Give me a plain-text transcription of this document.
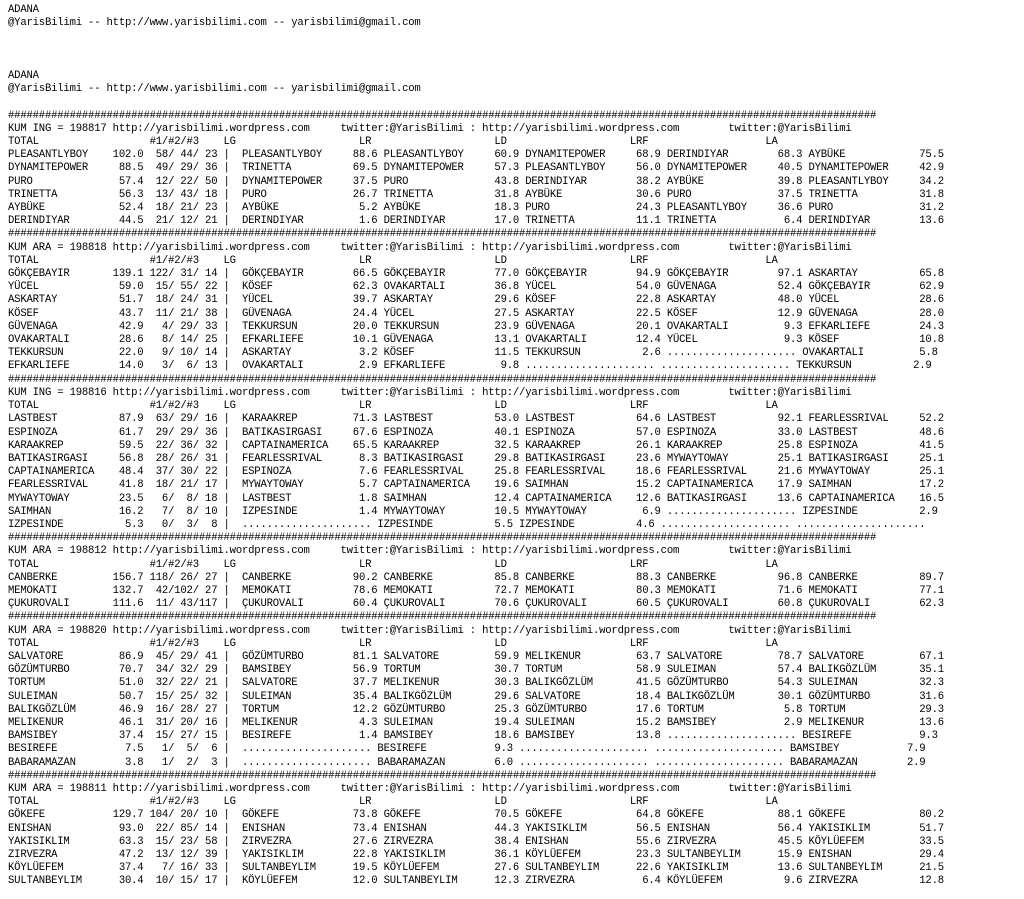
ADANA
@YarisBilimi -- http://www.yarisbilimi.com -- yarisbilimi@gmail.com

ADANA
@YarisBilimi -- http://www.yarisbilimi.com -- yarisbilimi@gmail.com

#############################################################################################################################################
KUM ING = 198817 http://yarisbilimi.wordpress.com     twitter:@YarisBilimi : http://yarisbilimi.wordpress.com        twitter:@YarisBilimi
TOTAL                  #1/#2/#3    LG                    LR                    LD                    LRF                   LA
PLEASANTLYBOY    102.0  58/ 44/ 23 |  PLEASANTLYBOY     88.6 PLEASANTLYBOY     60.9 DYNAMITEPOWER     68.9 DERINDIYAR        68.3 AYBÜKE            75.5
DYNAMITEPOWER     88.5  49/ 29/ 36 |  TRINETTA          69.5 DYNAMITEPOWER     57.3 PLEASANTLYBOY     56.0 DYNAMITEPOWER     40.5 DYNAMITEPOWER     42.9
PURO              57.4  12/ 22/ 50 |  DYNAMITEPOWER     37.5 PURO              43.8 DERINDIYAR        38.2 AYBÜKE            39.8 PLEASANTLYBOY     34.2
TRINETTA          56.3  13/ 43/ 18 |  PURO              26.7 TRINETTA          31.8 AYBÜKE            30.6 PURO              37.5 TRINETTA          31.8
AYBÜKE            52.4  18/ 21/ 23 |  AYBÜKE             5.2 AYBÜKE            18.3 PURO              24.3 PLEASANTLYBOY     36.6 PURO              31.2
DERINDIYAR        44.5  21/ 12/ 21 |  DERINDIYAR         1.6 DERINDIYAR        17.0 TRINETTA          11.1 TRINETTA           6.4 DERINDIYAR        13.6
#############################################################################################################################################
KUM ARA = 198818 http://yarisbilimi.wordpress.com     twitter:@YarisBilimi : http://yarisbilimi.wordpress.com        twitter:@YarisBilimi
TOTAL                  #1/#2/#3    LG                    LR                    LD                    LRF                   LA
GÖKÇEBAYIR       139.1 122/ 31/ 14 |  GÖKÇEBAYIR        66.5 GÖKÇEBAYIR        77.0 GÖKÇEBAYIR        94.9 GÖKÇEBAYIR        97.1 ASKARTAY          65.8
YÜCEL             59.0  15/ 55/ 22 |  KÖSEF             62.3 OVAKARTALI        36.8 YÜCEL             54.0 GÜVENAGA          52.4 GÖKÇEBAYIR        62.9
ASKARTAY          51.7  18/ 24/ 31 |  YÜCEL             39.7 ASKARTAY          29.6 KÖSEF             22.8 ASKARTAY          48.0 YÜCEL             28.6
KÖSEF             43.7  11/ 21/ 38 |  GÜVENAGA          24.4 YÜCEL             27.5 ASKARTAY          22.5 KÖSEF             12.9 GÜVENAGA          28.0
GÜVENAGA          42.9   4/ 29/ 33 |  TEKKURSUN         20.0 TEKKURSUN         23.9 GÜVENAGA          20.1 OVAKARTALI         9.3 EFKARLIEFE        24.3
OVAKARTALI        28.6   8/ 14/ 25 |  EFKARLIEFE        10.1 GÜVENAGA          13.1 OVAKARTALI        12.4 YÜCEL              9.3 KÖSEF             10.8
TEKKURSUN         22.0   9/ 10/ 14 |  ASKARTAY           3.2 KÖSEF             11.5 TEKKURSUN          2.6 ..................... OVAKARTALI         5.8
EFKARLIEFE        14.0   3/  6/ 13 |  OVAKARTALI         2.9 EFKARLIEFE         9.8 ..................... ..................... TEKKURSUN          2.9
#############################################################################################################################################
KUM ING = 198816 http://yarisbilimi.wordpress.com     twitter:@YarisBilimi : http://yarisbilimi.wordpress.com        twitter:@YarisBilimi
TOTAL                  #1/#2/#3    LG                    LR                    LD                    LRF                   LA
LASTBEST          87.9  63/ 29/ 16 |  KARAAKREP         71.3 LASTBEST          53.0 LASTBEST          64.6 LASTBEST          92.1 FEARLESSRIVAL     52.2
ESPINOZA          61.7  29/ 29/ 36 |  BATIKASIRGASI     67.6 ESPINOZA          40.1 ESPINOZA          57.0 ESPINOZA          33.0 LASTBEST          48.6
KARAAKREP         59.5  22/ 36/ 32 |  CAPTAINAMERICA    65.5 KARAAKREP         32.5 KARAAKREP         26.1 KARAAKREP         25.8 ESPINOZA          41.5
BATIKASIRGASI     56.8  28/ 26/ 31 |  FEARLESSRIVAL      8.3 BATIKASIRGASI     29.8 BATIKASIRGASI     23.6 MYWAYTOWAY        25.1 BATIKASIRGASI     25.1
CAPTAINAMERICA    48.4  37/ 30/ 22 |  ESPINOZA           7.6 FEARLESSRIVAL     25.8 FEARLESSRIVAL     18.6 FEARLESSRIVAL     21.6 MYWAYTOWAY        25.1
FEARLESSRIVAL     41.8  18/ 21/ 17 |  MYWAYTOWAY         5.7 CAPTAINAMERICA    19.6 SAIMHAN           15.2 CAPTAINAMERICA    17.9 SAIMHAN           17.2
MYWAYTOWAY        23.5   6/  8/ 18 |  LASTBEST           1.8 SAIMHAN           12.4 CAPTAINAMERICA    12.6 BATIKASIRGASI     13.6 CAPTAINAMERICA    16.5
SAIMHAN           16.2   7/  8/ 10 |  IZPESINDE          1.4 MYWAYTOWAY        10.5 MYWAYTOWAY         6.9 ..................... IZPESINDE          2.9
IZPESINDE          5.3   0/  3/  8 |  ..................... IZPESINDE          5.5 IZPESINDE          4.6 ..................... .....................
#############################################################################################################################################
KUM ARA = 198812 http://yarisbilimi.wordpress.com     twitter:@YarisBilimi : http://yarisbilimi.wordpress.com        twitter:@YarisBilimi
TOTAL                  #1/#2/#3    LG                    LR                    LD                    LRF                   LA
CANBERKE         156.7 118/ 26/ 27 |  CANBERKE          90.2 CANBERKE          85.8 CANBERKE          88.3 CANBERKE          96.8 CANBERKE          89.7
MEMOKATI         132.7  42/102/ 27 |  MEMOKATI          78.6 MEMOKATI          72.7 MEMOKATI          80.3 MEMOKATI          71.6 MEMOKATI          77.1
ÇUKUROVALI       111.6  11/ 43/117 |  ÇUKUROVALI        60.4 ÇUKUROVALI        70.6 ÇUKUROVALI        60.5 ÇUKUROVALI        60.8 ÇUKUROVALI        62.3
#############################################################################################################################################
KUM ARA = 198820 http://yarisbilimi.wordpress.com     twitter:@YarisBilimi : http://yarisbilimi.wordpress.com        twitter:@YarisBilimi
TOTAL                  #1/#2/#3    LG                    LR                    LD                    LRF                   LA
SALVATORE         86.9  45/ 29/ 41 |  GÖZÜMTURBO        81.1 SALVATORE         59.9 MELIKENUR         63.7 SALVATORE         78.7 SALVATORE         67.1
GÖZÜMTURBO        70.7  34/ 32/ 29 |  BAMSIBEY          56.9 TORTUM            30.7 TORTUM            58.9 SULEIMAN          57.4 BALIKGÖZLÜM       35.1
TORTUM            51.0  32/ 22/ 21 |  SALVATORE         37.7 MELIKENUR         30.3 BALIKGÖZLÜM       41.5 GÖZÜMTURBO        54.3 SULEIMAN          32.3
SULEIMAN          50.7  15/ 25/ 32 |  SULEIMAN          35.4 BALIKGÖZLÜM       29.6 SALVATORE         18.4 BALIKGÖZLÜM       30.1 GÖZÜMTURBO        31.6
BALIKGÖZLÜM       46.9  16/ 28/ 27 |  TORTUM            12.2 GÖZÜMTURBO        25.3 GÖZÜMTURBO        17.6 TORTUM             5.8 TORTUM            29.3
MELIKENUR         46.1  31/ 20/ 16 |  MELIKENUR          4.3 SULEIMAN          19.4 SULEIMAN          15.2 BAMSIBEY           2.9 MELIKENUR         13.6
BAMSIBEY          37.4  15/ 27/ 15 |  BESIREFE           1.4 BAMSIBEY          18.6 BAMSIBEY          13.8 ..................... BESIREFE           9.3
BESIREFE           7.5   1/  5/  6 |  ..................... BESIREFE           9.3 ..................... ..................... BAMSIBEY           7.9
BABARAMAZAN        3.8   1/  2/  3 |  ..................... BABARAMAZAN        6.0 ..................... ..................... BABARAMAZAN        2.9
#############################################################################################################################################
KUM ARA = 198811 http://yarisbilimi.wordpress.com     twitter:@YarisBilimi : http://yarisbilimi.wordpress.com        twitter:@YarisBilimi
TOTAL                  #1/#2/#3    LG                    LR                    LD                    LRF                   LA
GÖKEFE           129.7 104/ 20/ 10 |  GÖKEFE            73.8 GÖKEFE            70.5 GÖKEFE            64.8 GÖKEFE            88.1 GÖKEFE            80.2
ENISHAN           93.0  22/ 85/ 14 |  ENISHAN           73.4 ENISHAN           44.3 YAKISIKLIM        56.5 ENISHAN           56.4 YAKISIKLIM        51.7
YAKISIKLIM        63.3  15/ 23/ 58 |  ZIRVEZRA          27.6 ZIRVEZRA          38.4 ENISHAN           55.6 ZIRVEZRA          45.5 KÖYLÜEFEM         33.5
ZIRVEZRA          47.2  13/ 12/ 39 |  YAKISIKLIM        22.8 YAKISIKLIM        36.1 KÖYLÜEFEM         23.3 SULTANBEYLIM      15.9 ENISHAN           29.4
KÖYLÜEFEM         37.4   7/ 16/ 33 |  SULTANBEYLIM      19.5 KÖYLÜEFEM         27.6 SULTANBEYLIM      22.6 YAKISIKLIM        13.6 SULTANBEYLIM      21.5
SULTANBEYLIM      30.4  10/ 15/ 17 |  KÖYLÜEFEM         12.0 SULTANBEYLIM      12.3 ZIRVEZRA           6.4 KÖYLÜEFEM          9.6 ZIRVEZRA          12.8
